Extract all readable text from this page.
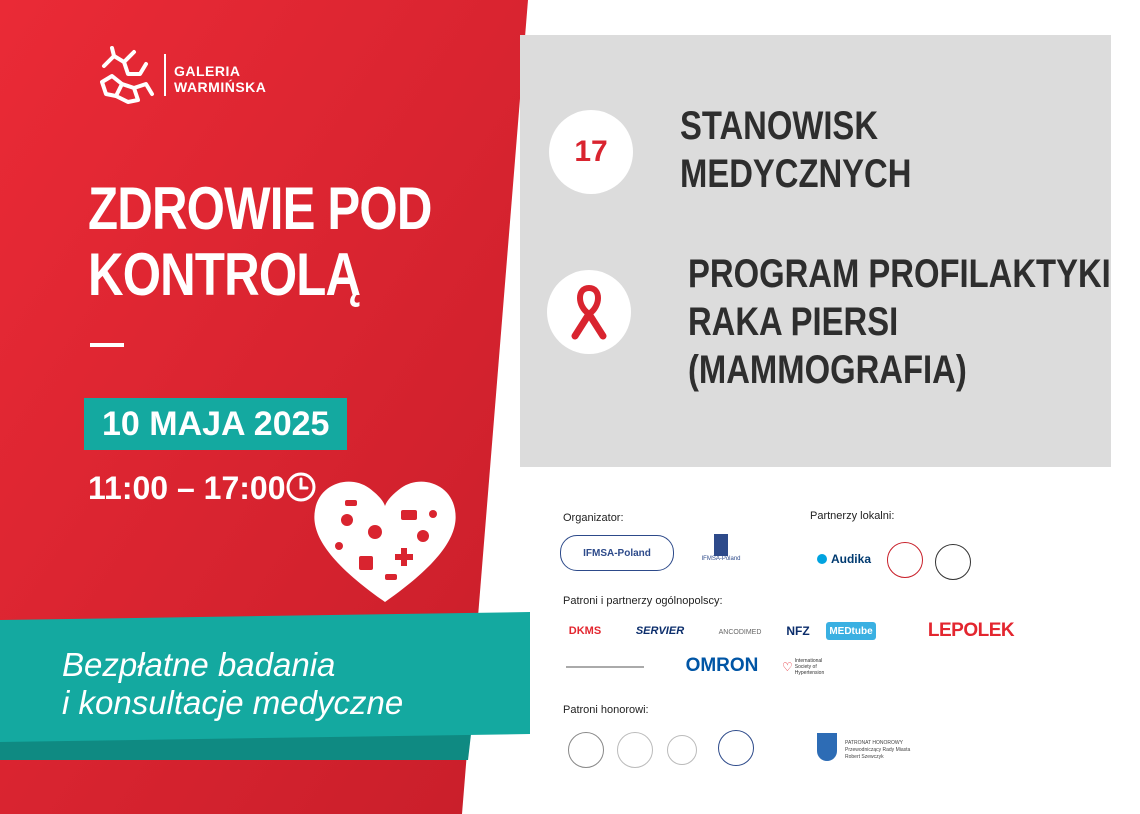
GALERIA
WARMIŃSKA
ZDROWIE POD
KONTROLĄ
10 MAJA 2025
11:00 – 17:00
Bezpłatne badania
i konsultacje medyczne
17
STANOWISK
MEDYCZNYCH
PROGRAM PROFILAKTYKI
RAKA PIERSI
(MAMMOGRAFIA)
Organizator:	Partnerzy lokalni:
IFMSA-Poland
IFMSA-Poland	Audika
Patroni i partnerzy ogólnopolscy:
DKMS	SERVIER	ANCODIMED NFZ MEDtube	LEPOLEK
OMRON ♡ International Society of Hypertension
Patroni honorowi:
PATRONAT HONOROWY
Przewodniczący Rady Miasta
Robert Szewczyk
